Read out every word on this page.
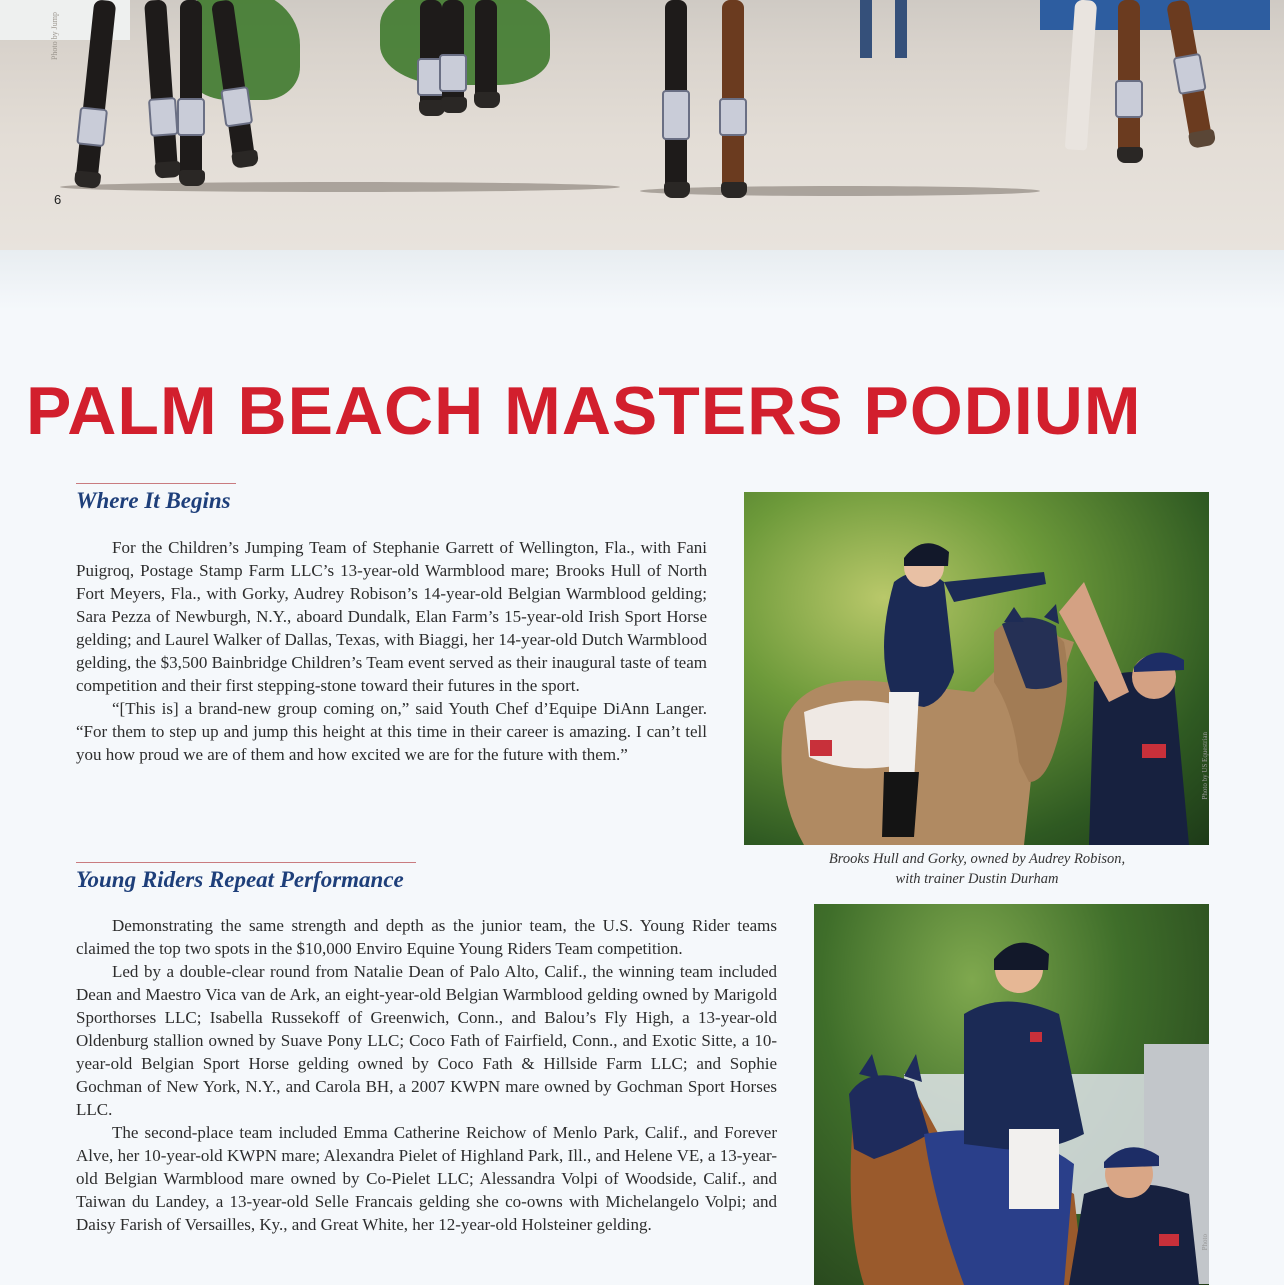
Photo by Jump
6
PALM BEACH MASTERS PODIUM
Where It Begins

For the Children’s Jumping Team of Stephanie Garrett of Wellington, Fla., with Fani Puigroq, Postage Stamp Farm LLC’s 13-year-old Warmblood mare; Brooks Hull of North Fort Meyers, Fla., with Gorky, Audrey Robison’s 14-year-old Belgian Warmblood gelding; Sara Pezza of Newburgh, N.Y., aboard Dundalk, Elan Farm’s 15-year-old Irish Sport Horse gelding; and Laurel Walker of Dallas, Texas, with Biaggi, her 14-year-old Dutch Warmblood gelding, the $3,500 Bainbridge Children’s Team event served as their inaugural taste of team competition and their first stepping-stone toward their futures in the sport.

“[This is] a brand-new group coming on,” said Youth Chef d’Equipe DiAnn Langer. “For them to step up and jump this height at this time in their career is amazing. I can’t tell you how proud we are of them and how excited we are for the future with them.”	Photo by US Equestrian

Brooks Hull and Gorky, owned by Audrey Robison,
with trainer Dustin Durham

Young Riders Repeat Performance

Demonstrating the same strength and depth as the junior team, the U.S. Young Rider teams claimed the top two spots in the $10,000 Enviro Equine Young Riders Team competition.

Led by a double-clear round from Natalie Dean of Palo Alto, Calif., the winning team included Dean and Maestro Vica van de Ark, an eight-year-old Belgian Warmblood gelding owned by Marigold Sporthorses LLC; Isabella Russekoff of Greenwich, Conn., and Balou’s Fly High, a 13-year-old Oldenburg stallion owned by Suave Pony LLC; Coco Fath of Fairfield, Conn., and Exotic Sitte, a 10-year-old Belgian Sport Horse gelding owned by Coco Fath & Hillside Farm LLC; and Sophie Gochman of New York, N.Y., and Carola BH, a 2007 KWPN mare owned by Gochman Sport Horses LLC.

The second-place team included Emma Catherine Reichow of Menlo Park, Calif., and Forever Alve, her 10-year-old KWPN mare; Alexandra Pielet of Highland Park, Ill., and Helene VE, a 13-year-old Belgian Warmblood mare owned by Co-Pielet LLC; Alessandra Volpi of Woodside, Calif., and Taiwan du Landey, a 13-year-old Selle Francais gelding she co-owns with Michelangelo Volpi; and Daisy Farish of Versailles, Ky., and Great White, her 12-year-old Holsteiner gelding.

Photo
